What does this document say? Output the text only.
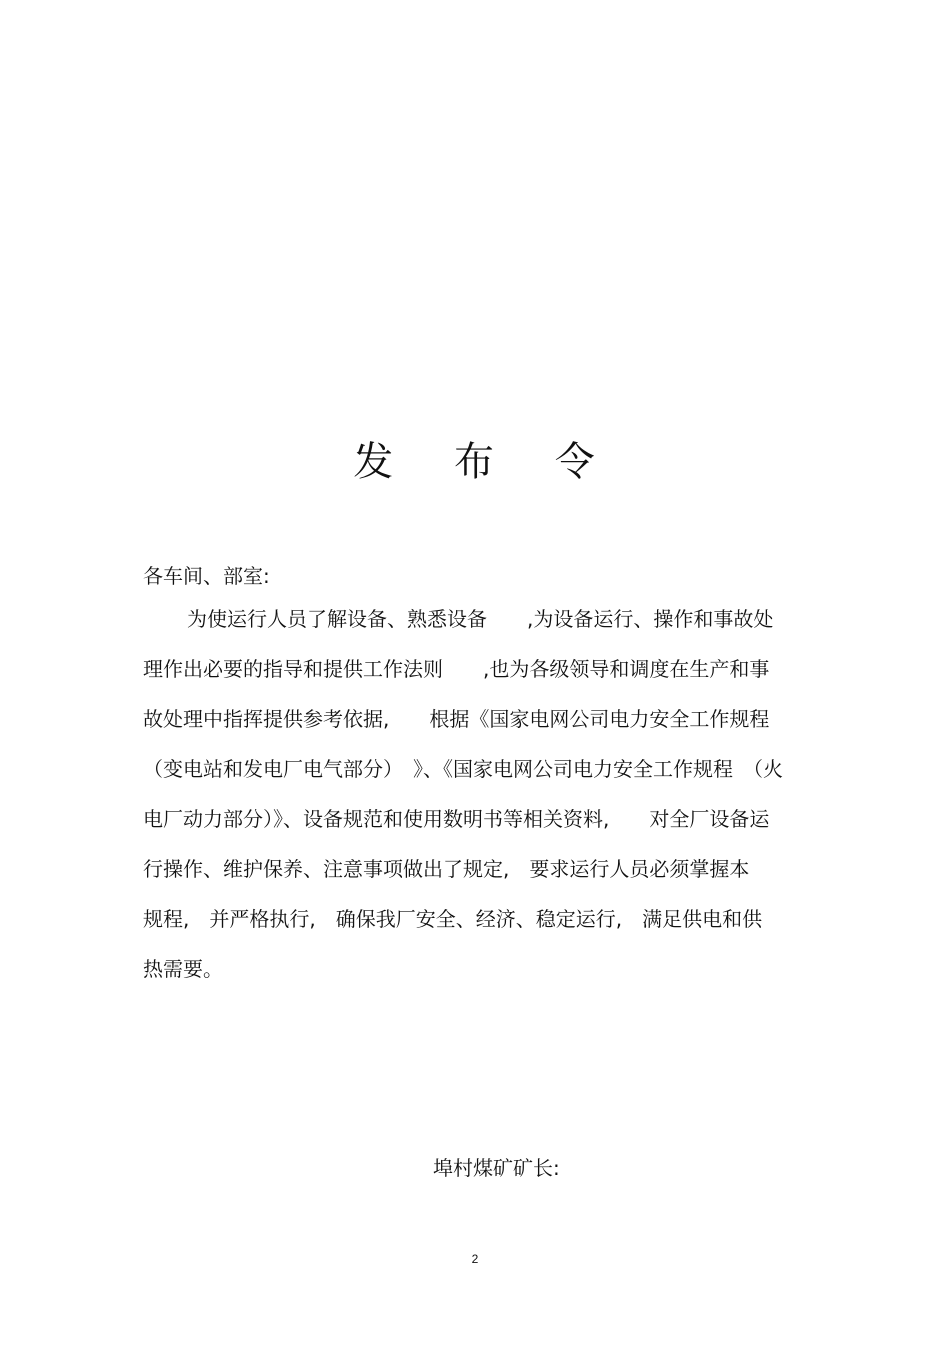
发 布 令
各车间、部室:
为使运行人员了解设备、熟悉设备　　,为设备运行、操作和事故处
理作出必要的指导和提供工作法则　　,也为各级领导和调度在生产和事
故处理中指挥提供参考依据,　　根据《国家电网公司电力安全工作规程
（变电站和发电厂电气部分）　》、《国家电网公司电力安全工作规程　（火
电厂动力部分）》、设备规范和使用数明书等相关资料,　　对全厂设备运
行操作、维护保养、注意事项做出了规定,　要求运行人员必须掌握本
规程,　并严格执行,　确保我厂安全、经济、稳定运行,　满足供电和供
热需要。
埠村煤矿矿长:
2
